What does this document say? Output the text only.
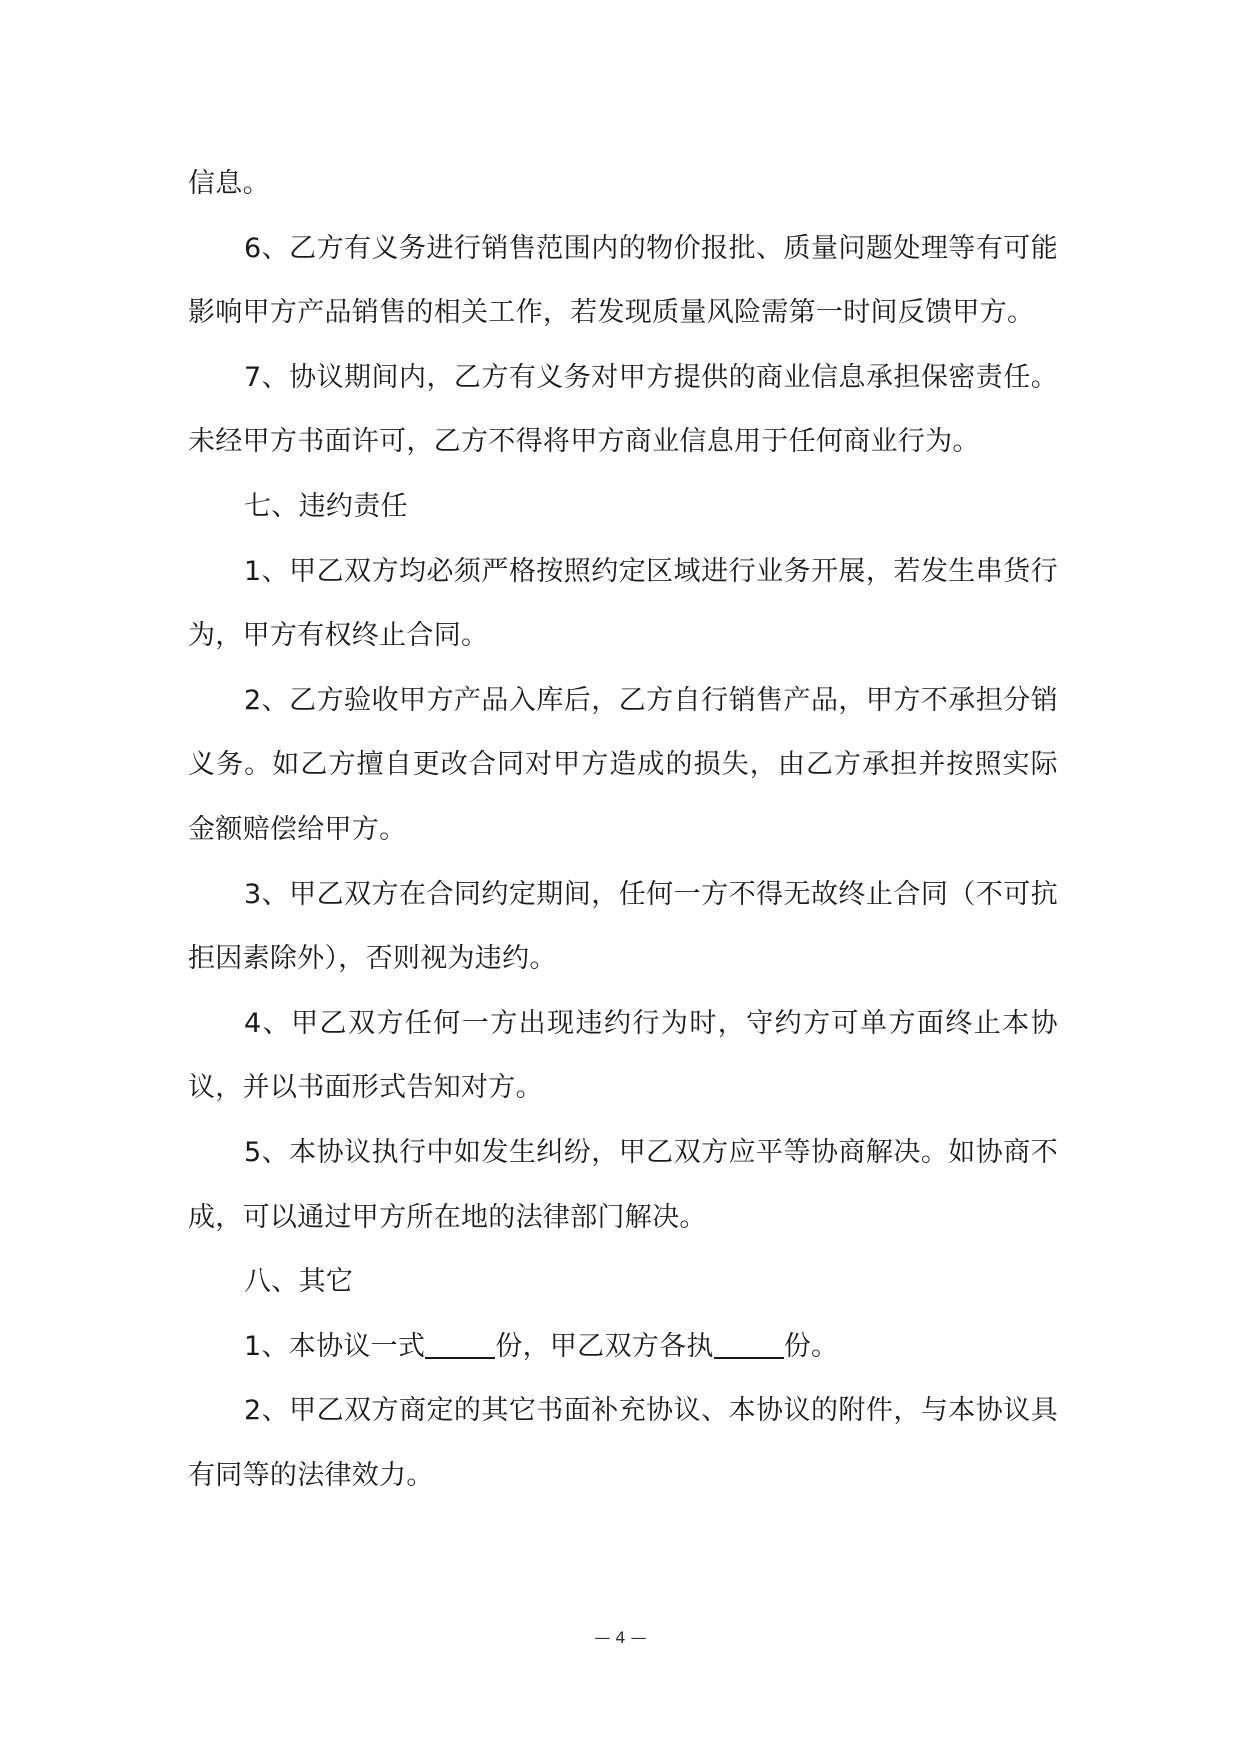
信息。

6、乙方有义务进行销售范围内的物价报批、质量问题处理等有可能影响甲方产品销售的相关工作，若发现质量风险需第一时间反馈甲方。

7、协议期间内，乙方有义务对甲方提供的商业信息承担保密责任。未经甲方书面许可，乙方不得将甲方商业信息用于任何商业行为。

七、违约责任

1、甲乙双方均必须严格按照约定区域进行业务开展，若发生串货行为，甲方有权终止合同。

2、乙方验收甲方产品入库后，乙方自行销售产品，甲方不承担分销义务。如乙方擅自更改合同对甲方造成的损失，由乙方承担并按照实际金额赔偿给甲方。

3、甲乙双方在合同约定期间，任何一方不得无故终止合同（不可抗拒因素除外），否则视为违约。

4、甲乙双方任何一方出现违约行为时，守约方可单方面终止本协议，并以书面形式告知对方。

5、本协议执行中如发生纠纷，甲乙双方应平等协商解决。如协商不成，可以通过甲方所在地的法律部门解决。

八、其它

1、本协议一式	份，甲乙双方各执	份。

2、甲乙双方商定的其它书面补充协议、本协议的附件，与本协议具有同等的法律效力。

— 4 —
